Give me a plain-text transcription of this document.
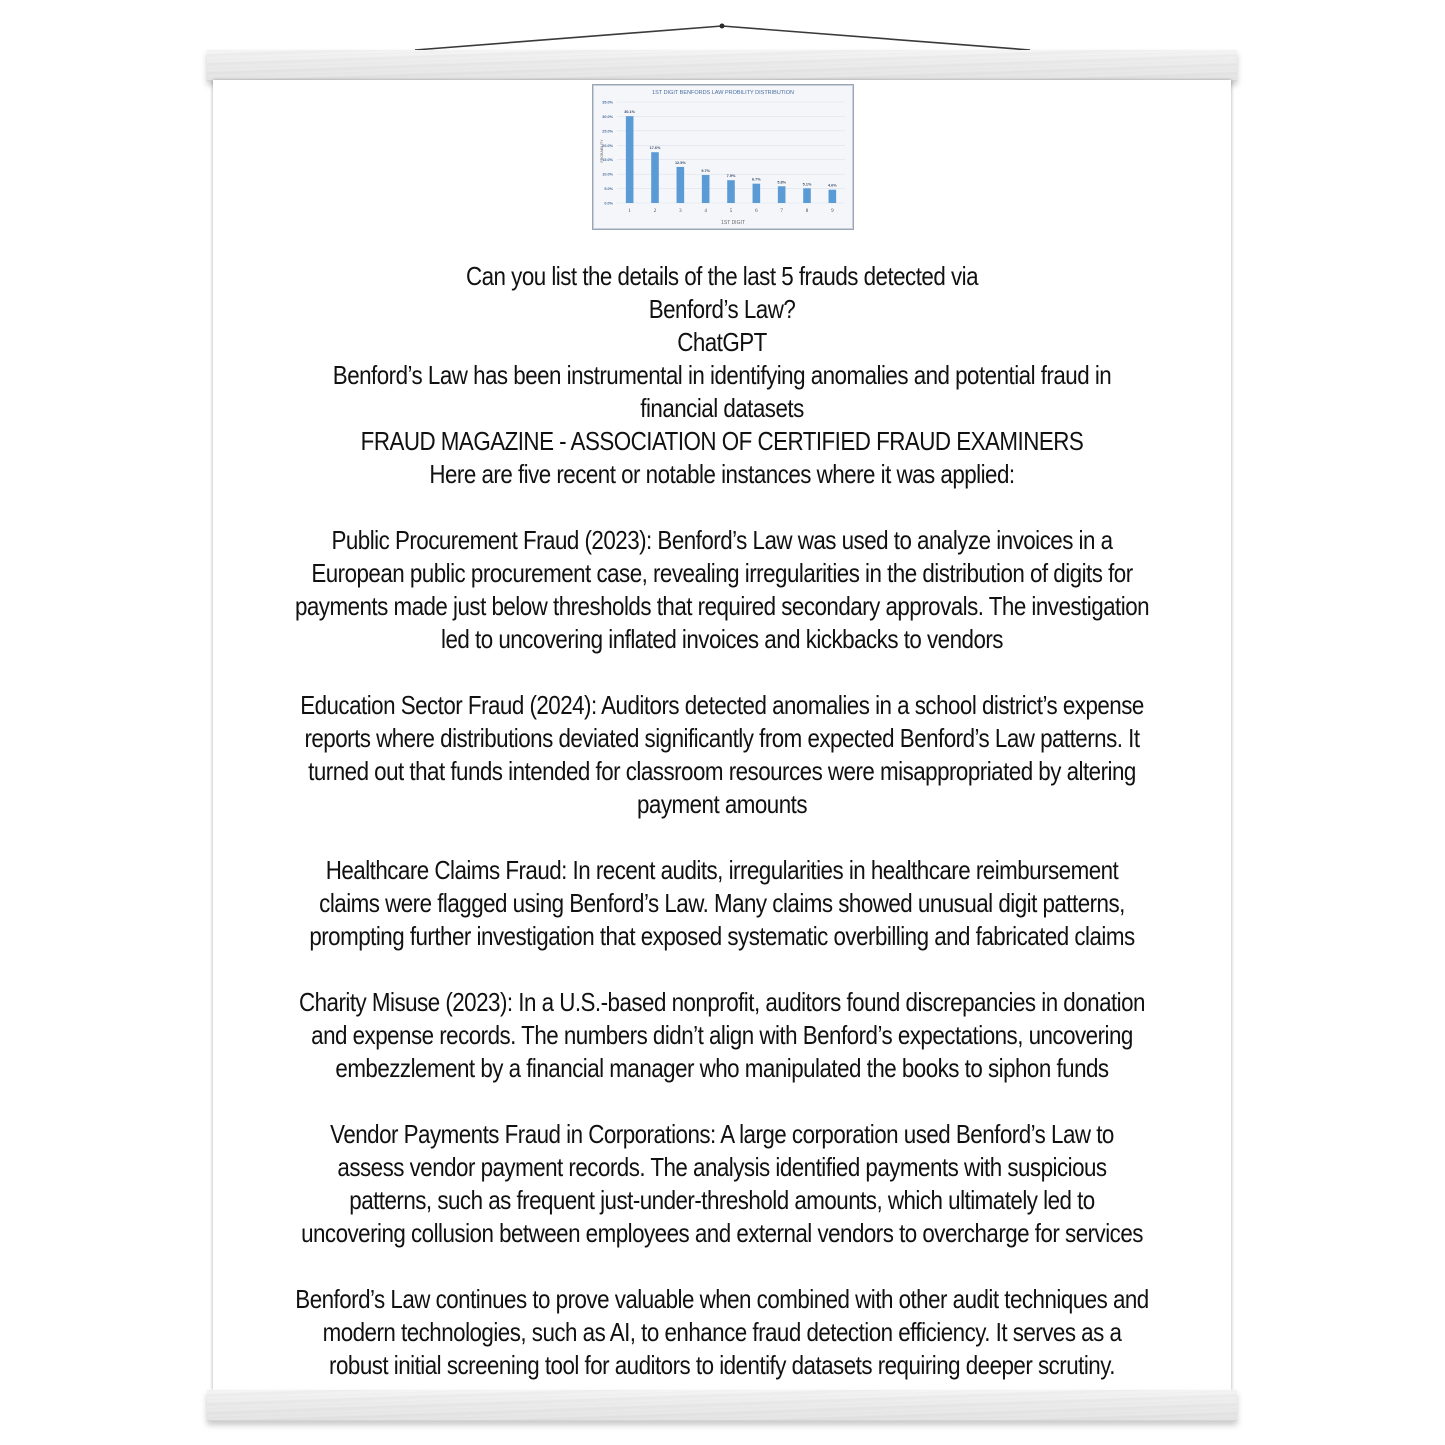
1ST DIGIT BENFORDS LAW PROBILITY DISTRIBUTION
0.0%
5.0%
10.0%
15.0%
20.0%
25.0%
30.0%
35.0%
30.1%
17.6%
12.5%
9.7%
7.9%
6.7%
5.8%
5.1%	4.6%
1	2	3	4	5	6	7	8	9
PROBABILITY
1ST DIGIT

Can you list the details of the last 5 frauds detected via

Benford’s Law?

ChatGPT

Benford’s Law has been instrumental in identifying anomalies and potential fraud in financial datasets

FRAUD MAGAZINE - ASSOCIATION OF CERTIFIED FRAUD EXAMINERS

Here are five recent or notable instances where it was applied:

Public Procurement Fraud (2023): Benford’s Law was used to analyze invoices in a European public procurement case, revealing irregularities in the distribution of digits for payments made just below thresholds that required secondary approvals. The investigation led to uncovering inflated invoices and kickbacks to vendors

Education Sector Fraud (2024): Auditors detected anomalies in a school district’s expense reports where distributions deviated significantly from expected Benford’s Law patterns. It turned out that funds intended for classroom resources were misappropriated by altering payment amounts

Healthcare Claims Fraud: In recent audits, irregularities in healthcare reimbursement claims were flagged using Benford’s Law. Many claims showed unusual digit patterns, prompting further investigation that exposed systematic overbilling and fabricated claims

Charity Misuse (2023): In a U.S.-based nonprofit, auditors found discrepancies in donation and expense records. The numbers didn’t align with Benford’s expectations, uncovering embezzlement by a financial manager who manipulated the books to siphon funds

Vendor Payments Fraud in Corporations: A large corporation used Benford’s Law to assess vendor payment records. The analysis identified payments with suspicious patterns, such as frequent just-under-threshold amounts, which ultimately led to uncovering collusion between employees and external vendors to overcharge for services

Benford’s Law continues to prove valuable when combined with other audit techniques and modern technologies, such as AI, to enhance fraud detection efficiency. It serves as a robust initial screening tool for auditors to identify datasets requiring deeper scrutiny.
